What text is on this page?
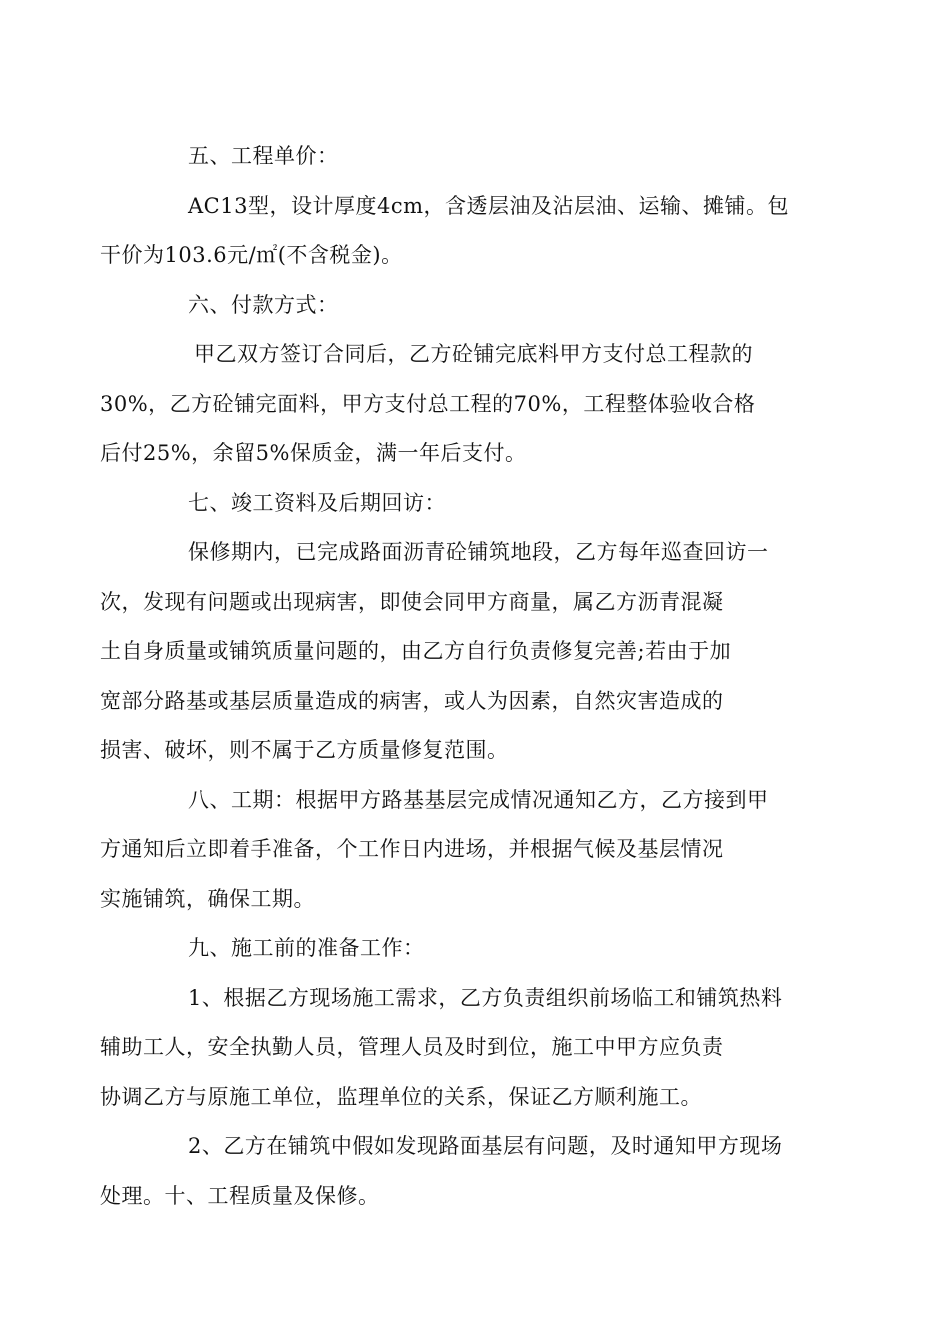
五、工程单价：

AC13型，设计厚度4cm，含透层油及沾层油、运输、摊铺。包
干价为103.6元/㎡(不含税金)。

六、付款方式：

甲乙双方签订合同后，乙方砼铺完底料甲方支付总工程款的
30%，乙方砼铺完面料，甲方支付总工程的70%，工程整体验收合格
后付25%，余留5%保质金，满一年后支付。

七、竣工资料及后期回访：

保修期内，已完成路面沥青砼铺筑地段，乙方每年巡查回访一
次，发现有问题或出现病害，即使会同甲方商量，属乙方沥青混凝
土自身质量或铺筑质量问题的，由乙方自行负责修复完善;若由于加
宽部分路基或基层质量造成的病害，或人为因素，自然灾害造成的
损害、破坏，则不属于乙方质量修复范围。

八、工期：根据甲方路基基层完成情况通知乙方，乙方接到甲
方通知后立即着手准备，个工作日内进场，并根据气候及基层情况
实施铺筑，确保工期。

九、施工前的准备工作：

1、根据乙方现场施工需求，乙方负责组织前场临工和铺筑热料
辅助工人，安全执勤人员，管理人员及时到位，施工中甲方应负责
协调乙方与原施工单位，监理单位的关系，保证乙方顺利施工。

2、乙方在铺筑中假如发现路面基层有问题，及时通知甲方现场
处理。十、工程质量及保修。
